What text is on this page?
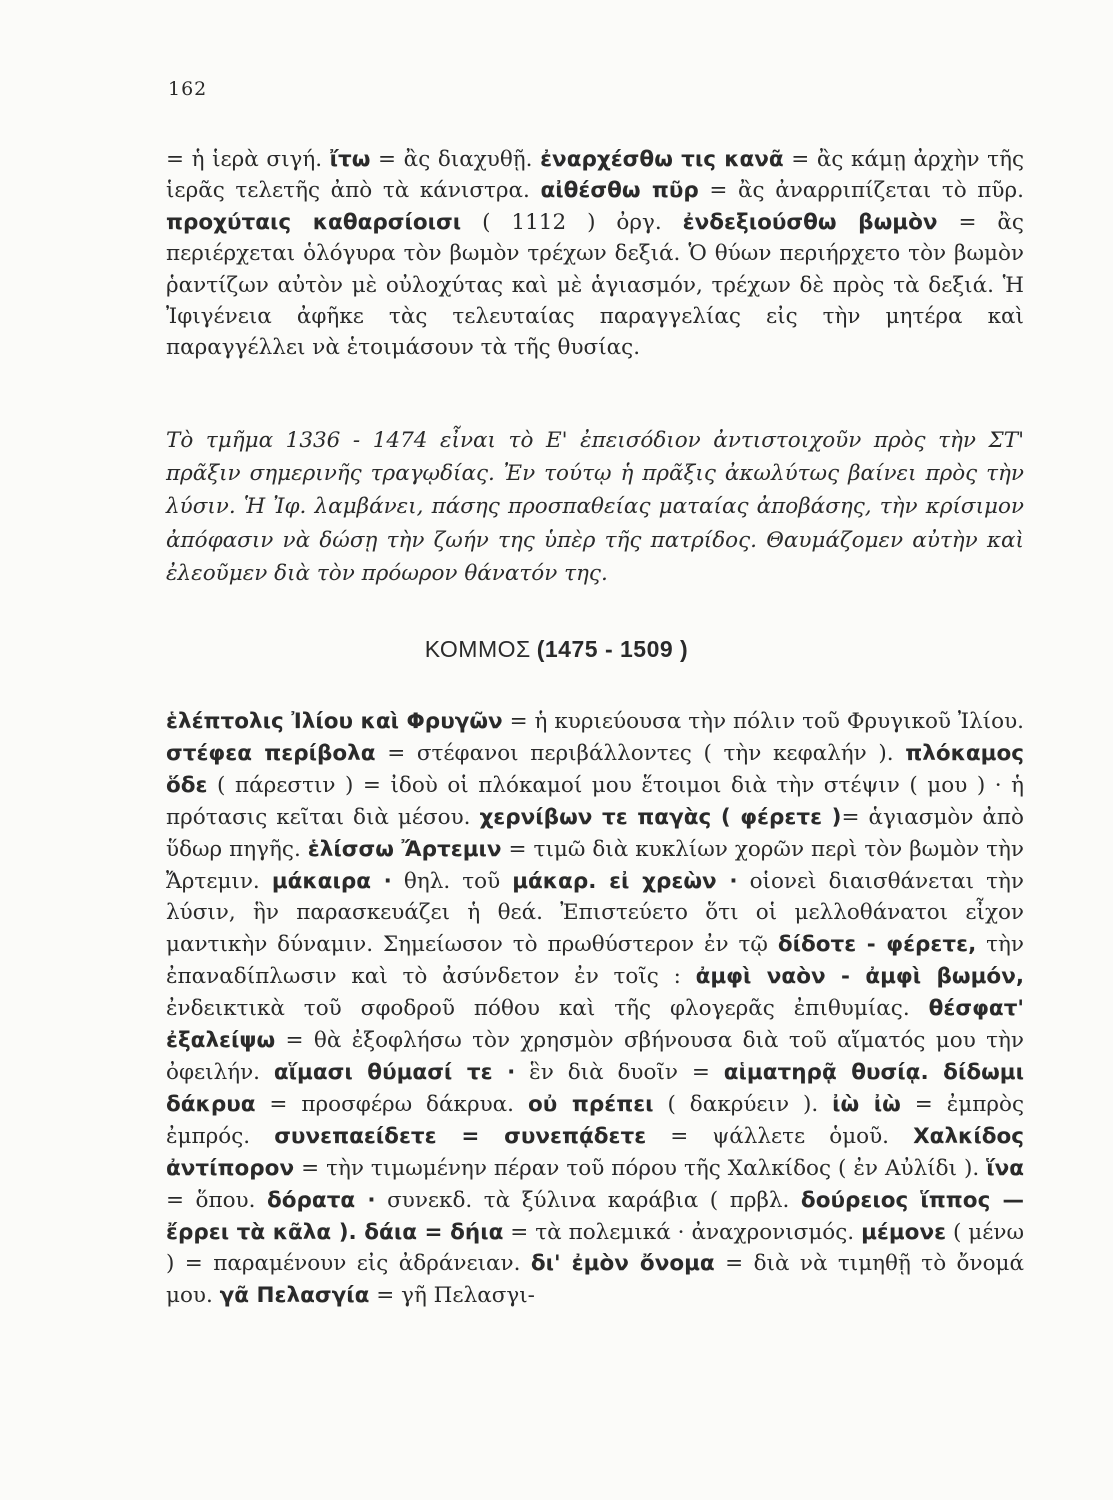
162

= ἡ ἱερὰ σιγή. ἴτω = ἂς διαχυθῇ. ἐναρχέσθω τις κανᾶ = ἂς κάμῃ ἀρχὴν τῆς ἱερᾶς τελετῆς ἀπὸ τὰ κάνιστρα. αἰθέσθω πῦρ = ἂς ἀναρριπίζεται τὸ πῦρ. προχύταις καθαρσίοισι ( 1112 ) ὀργ. ἐνδεξιούσθω βωμὸν = ἂς περιέρχεται ὁλόγυρα τὸν βωμὸν τρέχων δεξιά. Ὁ θύων περιήρχετο τὸν βωμὸν ῥαντίζων αὐτὸν μὲ οὐλοχύτας καὶ μὲ ἁγιασμόν, τρέχων δὲ πρὸς τὰ δεξιά. Ἡ Ἰφιγένεια ἀφῆκε τὰς τελευταίας παραγγελίας εἰς τὴν μητέρα καὶ παραγγέλλει νὰ ἑτοιμάσουν τὰ τῆς θυσίας.

Τὸ τμῆμα 1336 - 1474 εἶναι τὸ Ε' ἐπεισόδιον ἀντιστοιχοῦν πρὸς τὴν ΣΤ' πρᾶξιν σημερινῆς τραγῳδίας. Ἐν τούτῳ ἡ πρᾶξις ἀκωλύτως βαίνει πρὸς τὴν λύσιν. Ἡ Ἰφ. λαμβάνει, πάσης προσπαθείας ματαίας ἀποβάσης, τὴν κρίσιμον ἀπόφασιν νὰ δώσῃ τὴν ζωήν της ὑπὲρ τῆς πατρίδος. Θαυμάζομεν αὐτὴν καὶ ἐλεοῦμεν διὰ τὸν πρόωρον θάνατόν της.

ΚΟΜΜΟΣ (1475 - 1509 )

ἑλέπτολις Ἰλίου καὶ Φρυγῶν = ἡ κυριεύουσα τὴν πόλιν τοῦ Φρυγικοῦ Ἰλίου. στέφεα περίβολα = στέφανοι περιβάλλοντες ( τὴν κεφαλήν ). πλόκαμος ὅδε ( πάρεστιν ) = ἰδοὺ οἱ πλόκαμοί μου ἕτοιμοι διὰ τὴν στέψιν ( μου ) · ἡ πρότασις κεῖται διὰ μέσου. χερνίβων τε παγὰς ( φέρετε )= ἁγιασμὸν ἀπὸ ὕδωρ πηγῆς. ἑλίσσω Ἄρτεμιν = τιμῶ διὰ κυκλίων χορῶν περὶ τὸν βωμὸν τὴν Ἄρτεμιν. μάκαιρα · θηλ. τοῦ μάκαρ. εἰ χρεὼν · οἱονεὶ διαισθάνεται τὴν λύσιν, ἣν παρασκευάζει ἡ θεά. Ἐπιστεύετο ὅτι οἱ μελλοθάνατοι εἶχον μαντικὴν δύναμιν. Σημείωσον τὸ πρωθύστερον ἐν τῷ δίδοτε - φέρετε, τὴν ἐπαναδίπλωσιν καὶ τὸ ἀσύνδετον ἐν τοῖς : ἀμφὶ ναὸν - ἀμφὶ βωμόν, ἐνδεικτικὰ τοῦ σφοδροῦ πόθου καὶ τῆς φλογερᾶς ἐπιθυμίας. θέσφατ' ἐξαλείψω = θὰ ἐξοφλήσω τὸν χρησμὸν σβήνουσα διὰ τοῦ αἵματός μου τὴν ὀφειλήν. αἵμασι θύμασί τε · ἓν διὰ δυοῖν = αἱματηρᾷ θυσίᾳ. δίδωμι δάκρυα = προσφέρω δάκρυα. οὐ πρέπει ( δακρύειν ). ἰὼ ἰὼ = ἐμπρὸς ἐμπρός. συνεπαείδετε = συνεπᾴδετε = ψάλλετε ὁμοῦ. Χαλκίδος ἀντίπορον = τὴν τιμωμένην πέραν τοῦ πόρου τῆς Χαλκίδος ( ἐν Αὐλίδι ). ἵνα = ὅπου. δόρατα · συνεκδ. τὰ ξύλινα καράβια ( πρβλ. δούρειος ἵππος — ἔρρει τὰ κᾶλα ). δάια = δήια = τὰ πολεμικά · ἀναχρονισμός. μέμονε ( μένω ) = παραμένουν εἰς ἀδράνειαν. δι' ἐμὸν ὄνομα = διὰ νὰ τιμηθῇ τὸ ὄνομά μου. γᾶ Πελασγία = γῆ Πελασγι-
